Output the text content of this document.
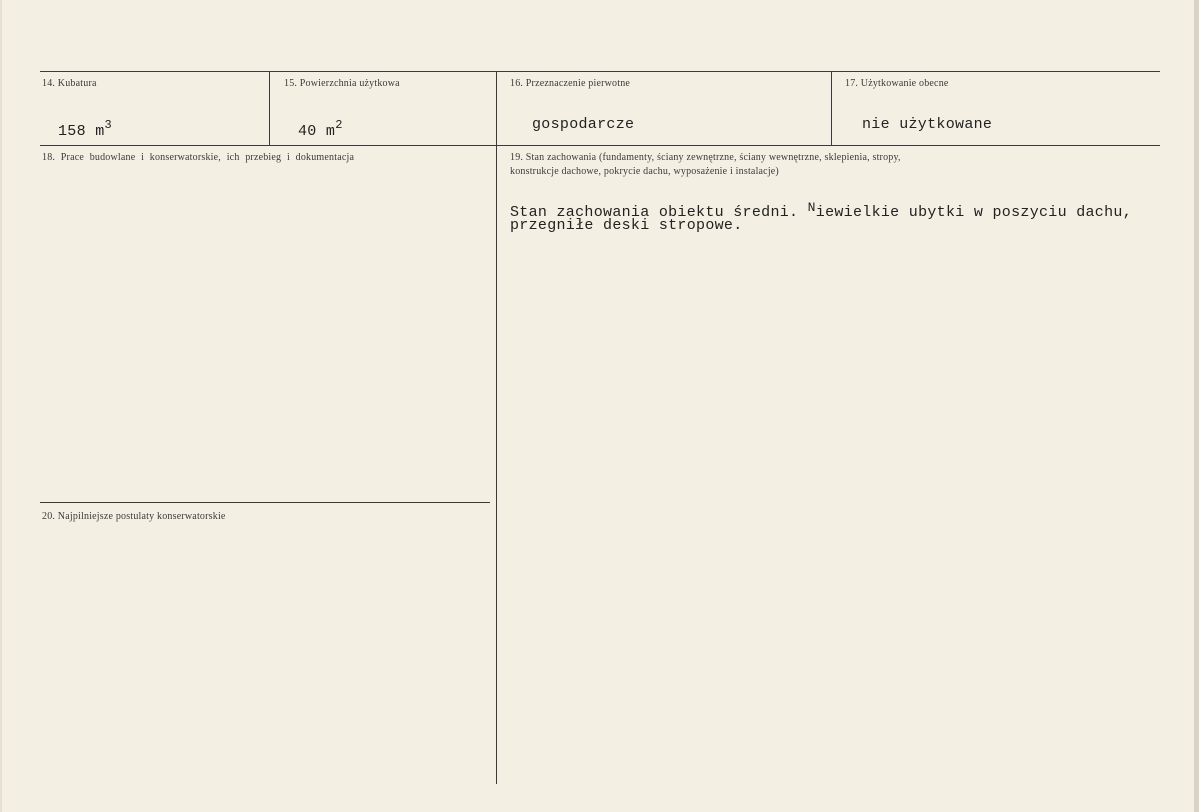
14. Kubatura
158 $m^3$
15. Powierzchnia użytkowa
40 $m^2$
16. Przeznaczenie pierwotne
gospodarcze
17. Użytkowanie obecne
nie użytkowane
18. Prace budowlane i konserwatorskie, ich przebieg i dokumentacja	19. Stan zachowania (fundamenty, ściany zewnętrzne, ściany wewnętrzne, sklepienia, stropy,
konstrukcje dachowe, pokrycie dachu, wyposażenie i instalacje)
Stan zachowania obiektu średni. $^N$iewielkie ubytki w poszyciu dachu,
przegniłe deski stropowe.
20. Najpilniejsze postulaty konserwatorskie
